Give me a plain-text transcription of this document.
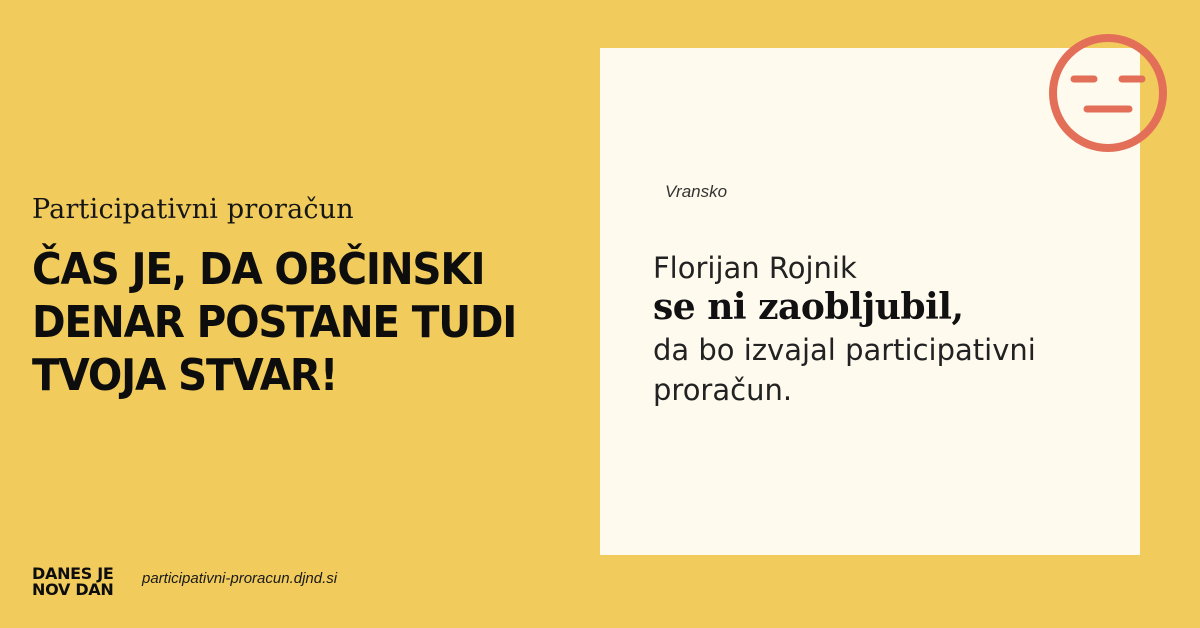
Participativni proračun
ČAS JE, DA OBČINSKI
DENAR POSTANE TUDI
TVOJA STVAR!
Vransko
Florijan Rojnik
se ni zaobljubil,
da bo izvajal participativni proračun.
DANES JE
NOV DAN
participativni-proracun.djnd.si
